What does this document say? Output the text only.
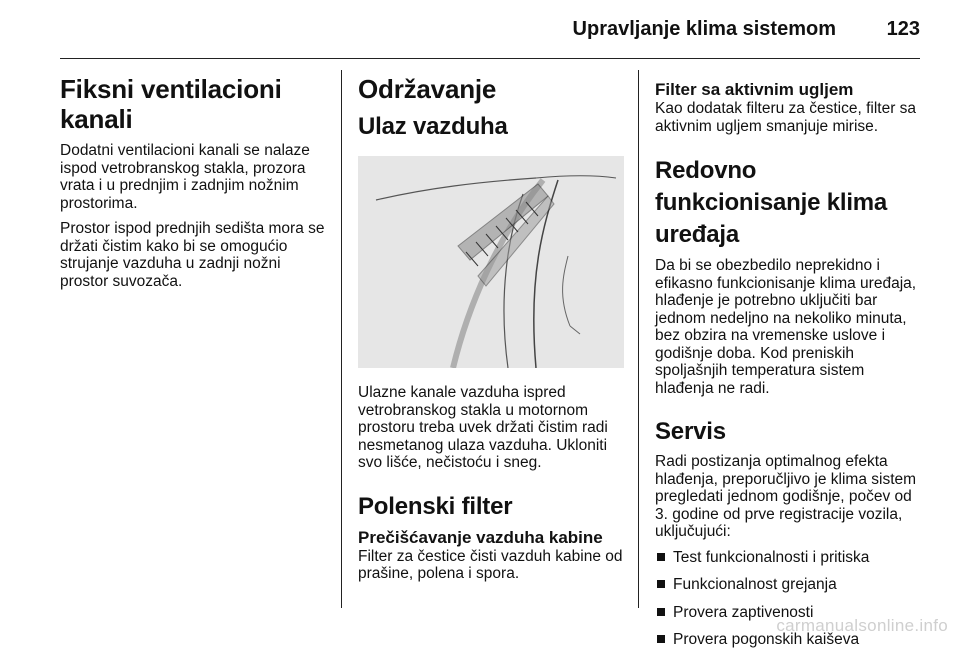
Upravljanje klima sistemom	123
Fiksni ventilacioni kanali

Dodatni ventilacioni kanali se nalaze ispod vetrobranskog stakla, prozora vrata i u prednjim i zadnjim nožnim prostorima.

Prostor ispod prednjih sedišta mora se držati čistim kako bi se omogućio strujanje vazduha u zadnji nožni prostor suvozača.

Održavanje
Ulaz vazduha

Ulazne kanale vazduha ispred vetrobranskog stakla u motornom prostoru treba uvek držati čistim radi nesmetanog ulaza vazduha. Ukloniti svo lišće, nečistoću i sneg.

Polenski filter
Prečišćavanje vazduha kabine

Filter za čestice čisti vazduh kabine od prašine, polena i spora.

Filter sa aktivnim ugljem

Kao dodatak filteru za čestice, filter sa aktivnim ugljem smanjuje mirise.

Redovno funkcionisanje klima uređaja

Da bi se obezbedilo neprekidno i efikasno funkcionisanje klima uređaja, hlađenje je potrebno uključiti bar jednom nedeljno na nekoliko minuta, bez obzira na vremenske uslove i godišnje doba. Kod preniskih spoljašnjih temperatura sistem hlađenja ne radi.

Servis

Radi postizanja optimalnog efekta hlađenja, preporučljivo je klima sistem pregledati jednom godišnje, počev od 3. godine od prve registracije vozila, uključujući:

Test funkcionalnosti i pritiska
Funkcionalnost grejanja
Provera zaptivenosti
Provera pogonskih kaiševa
carmanualsonline.info
